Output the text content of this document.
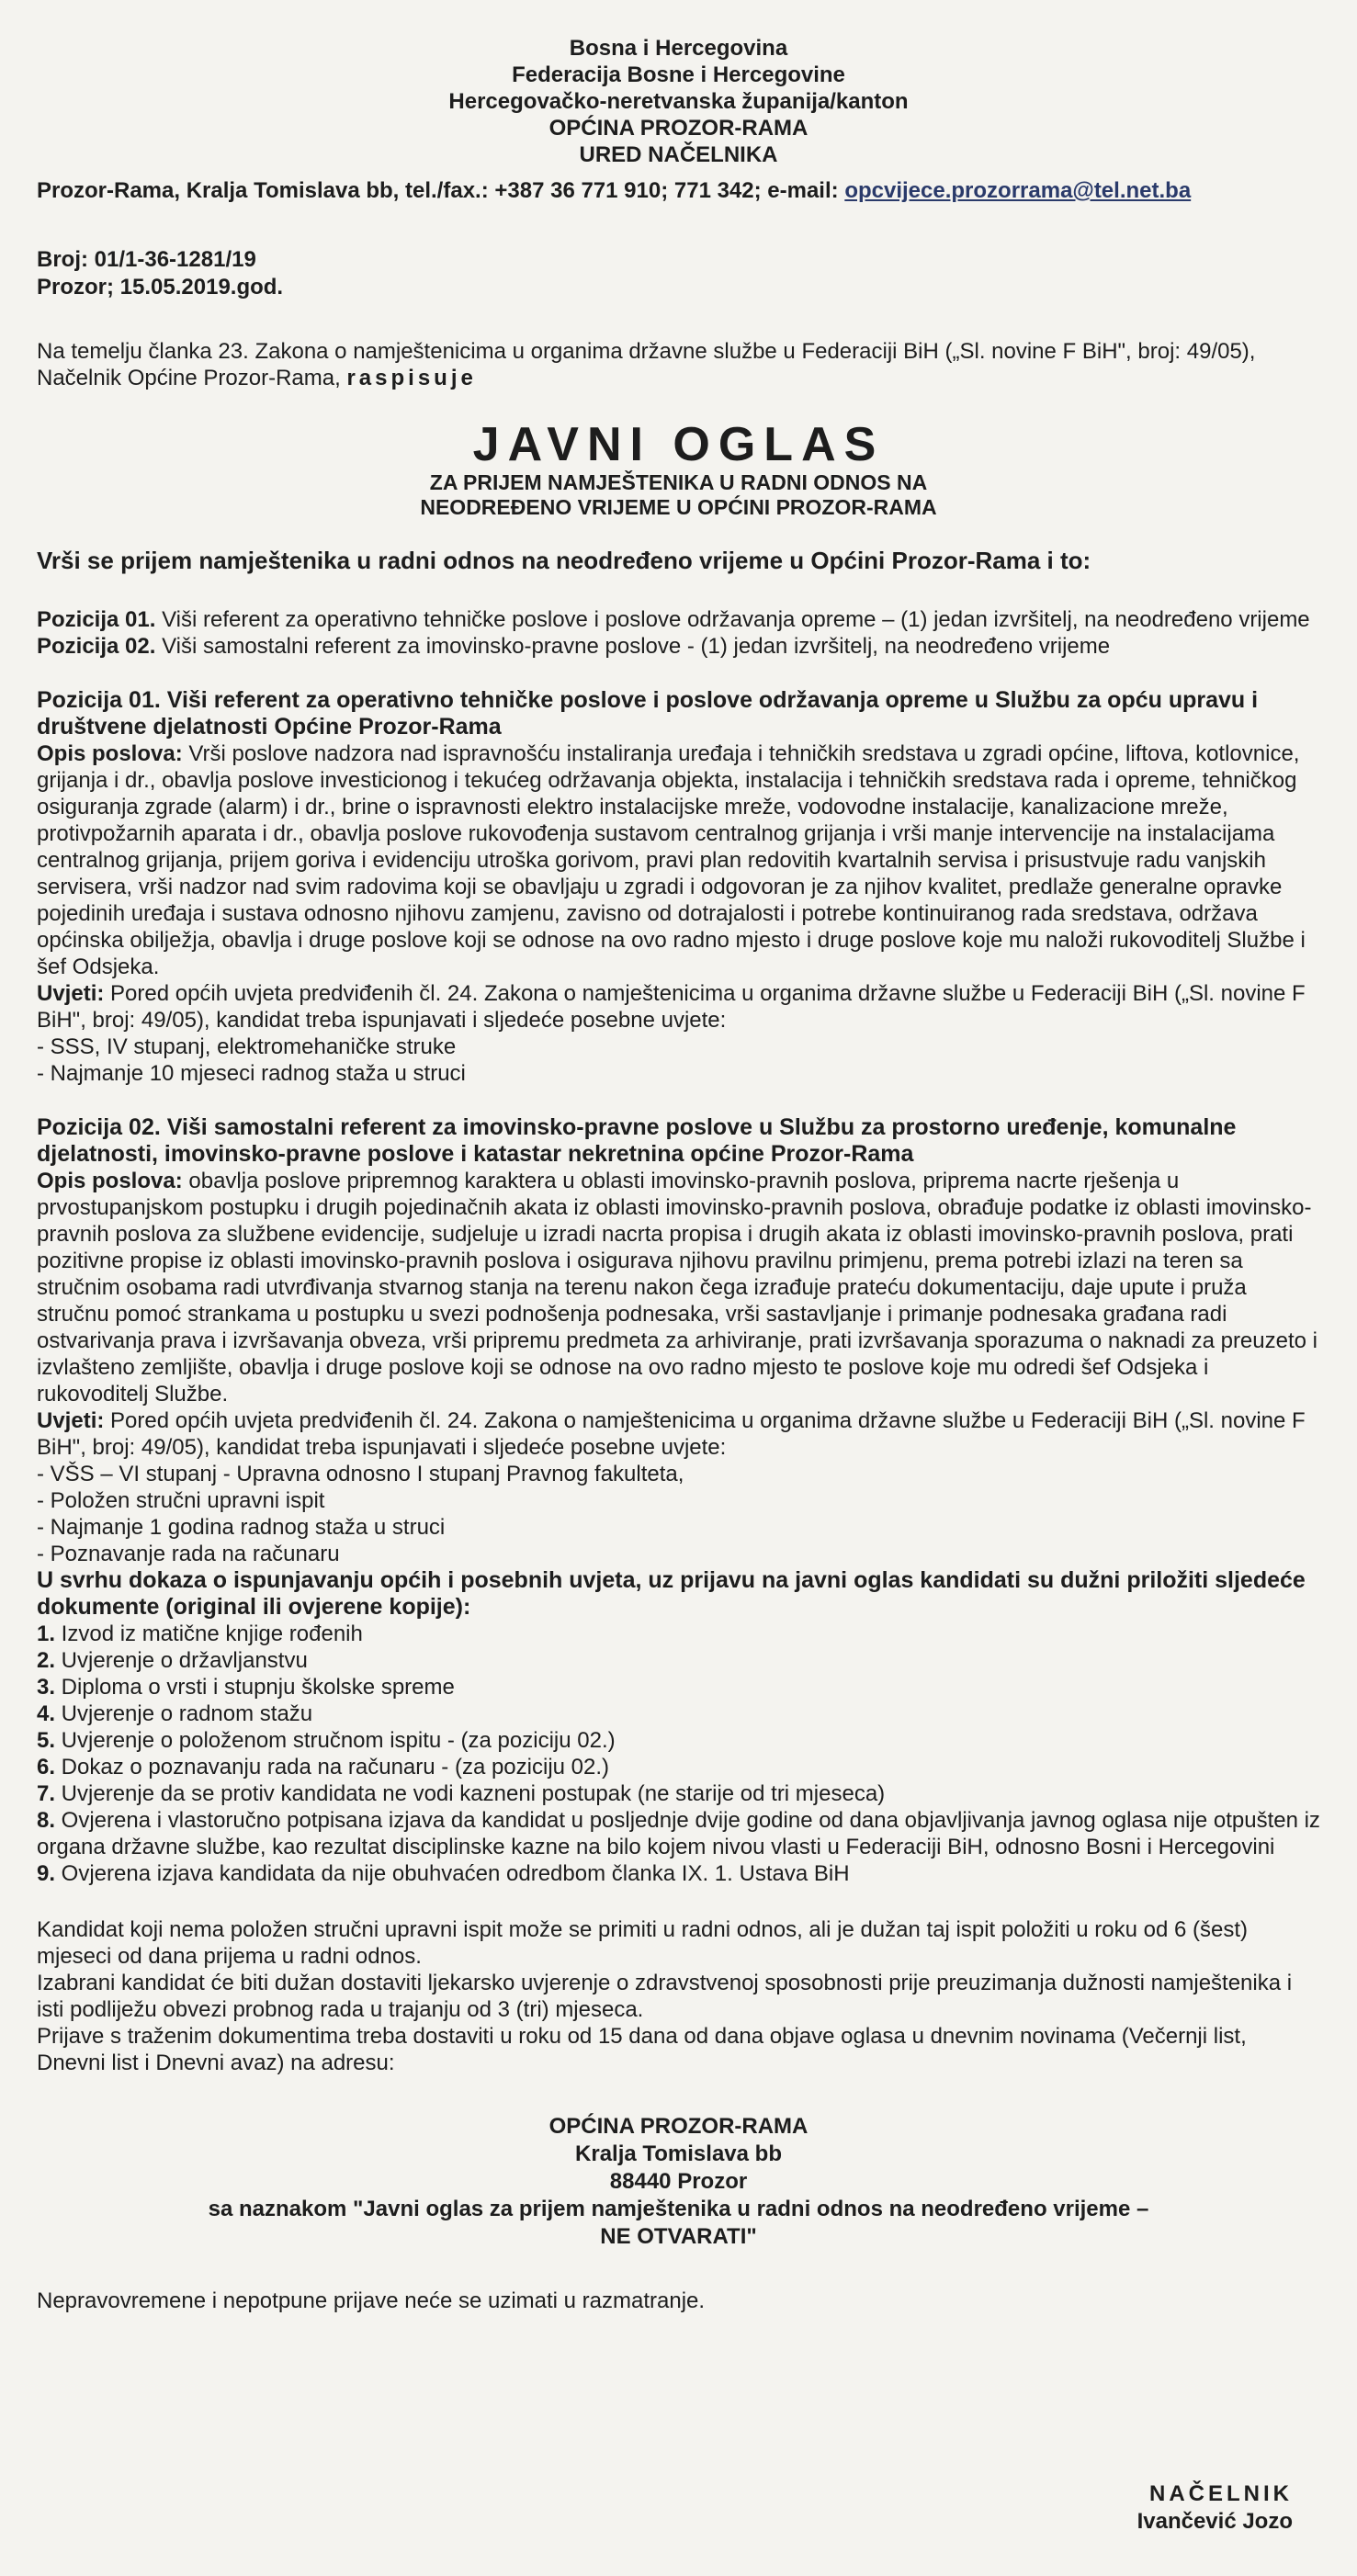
Bosna i Hercegovina
Federacija Bosne i Hercegovine
Hercegovačko-neretvanska županija/kanton
OPĆINA PROZOR-RAMA
URED NAČELNIKA
Prozor-Rama, Kralja Tomislava bb, tel./fax.: +387 36 771 910; 771 342; e-mail: opcvijece.prozorrama@tel.net.ba
Broj: 01/1-36-1281/19
Prozor; 15.05.2019.god.

Na temelju članka 23. Zakona o namještenicima u organima državne službe u Federaciji BiH („Sl. novine F BiH", broj: 49/05), Načelnik Općine Prozor-Rama, raspisuje

JAVNI OGLAS
ZA PRIJEM NAMJEŠTENIKA U RADNI ODNOS NA
NEODREĐENO VRIJEME U OPĆINI PROZOR-RAMA

Vrši se prijem namještenika u radni odnos na neodređeno vrijeme u Općini Prozor-Rama i to:

Pozicija 01. Viši referent za operativno tehničke poslove i poslove održavanja opreme – (1) jedan izvršitelj, na neodređeno vrijeme

Pozicija 02. Viši samostalni referent za imovinsko-pravne poslove - (1) jedan izvršitelj, na neodređeno vrijeme

Pozicija 01. Viši referent za operativno tehničke poslove i poslove održavanja opreme u Službu za opću upravu i društvene djelatnosti Općine Prozor-Rama

Opis poslova: Vrši poslove nadzora nad ispravnošću instaliranja uređaja i tehničkih sredstava u zgradi općine, liftova, kotlovnice, grijanja i dr., obavlja poslove investicionog i tekućeg održavanja objekta, instalacija i tehničkih sredstava rada i opreme, tehničkog osiguranja zgrade (alarm) i dr., brine o ispravnosti elektro instalacijske mreže, vodovodne instalacije, kanalizacione mreže, protivpožarnih aparata i dr., obavlja poslove rukovođenja sustavom centralnog grijanja i vrši manje intervencije na instalacijama centralnog grijanja, prijem goriva i evidenciju utroška gorivom, pravi plan redovitih kvartalnih servisa i prisustvuje radu vanjskih servisera, vrši nadzor nad svim radovima koji se obavljaju u zgradi i odgovoran je za njihov kvalitet, predlaže generalne opravke pojedinih uređaja i sustava odnosno njihovu zamjenu, zavisno od dotrajalosti i potrebe kontinuiranog rada sredstava, održava općinska obilježja, obavlja i druge poslove koji se odnose na ovo radno mjesto i druge poslove koje mu naloži rukovoditelj Službe i šef Odsjeka.

Uvjeti: Pored općih uvjeta predviđenih čl. 24. Zakona o namještenicima u organima državne službe u Federaciji BiH („Sl. novine F BiH", broj: 49/05), kandidat treba ispunjavati i sljedeće posebne uvjete:

- SSS, IV stupanj, elektromehaničke struke
- Najmanje 10 mjeseci radnog staža u struci

Pozicija 02. Viši samostalni referent za imovinsko-pravne poslove u Službu za prostorno uređenje, komunalne djelatnosti, imovinsko-pravne poslove i katastar nekretnina općine Prozor-Rama

Opis poslova: obavlja poslove pripremnog karaktera u oblasti imovinsko-pravnih poslova, priprema nacrte rješenja u prvostupanjskom postupku i drugih pojedinačnih akata iz oblasti imovinsko-pravnih poslova, obrađuje podatke iz oblasti imovinsko-pravnih poslova za službene evidencije, sudjeluje u izradi nacrta propisa i drugih akata iz oblasti imovinsko-pravnih poslova, prati pozitivne propise iz oblasti imovinsko-pravnih poslova i osigurava njihovu pravilnu primjenu, prema potrebi izlazi na teren sa stručnim osobama radi utvrđivanja stvarnog stanja na terenu nakon čega izrađuje prateću dokumentaciju, daje upute i pruža stručnu pomoć strankama u postupku u svezi podnošenja podnesaka, vrši sastavljanje i primanje podnesaka građana radi ostvarivanja prava i izvršavanja obveza, vrši pripremu predmeta za arhiviranje, prati izvršavanja sporazuma o naknadi za preuzeto i izvlašteno zemljište, obavlja i druge poslove koji se odnose na ovo radno mjesto te poslove koje mu odredi šef Odsjeka i rukovoditelj Službe.

Uvjeti: Pored općih uvjeta predviđenih čl. 24. Zakona o namještenicima u organima državne službe u Federaciji BiH („Sl. novine F BiH", broj: 49/05), kandidat treba ispunjavati i sljedeće posebne uvjete:

- VŠS – VI stupanj - Upravna odnosno I stupanj Pravnog fakulteta,
- Položen stručni upravni ispit
- Najmanje 1 godina radnog staža u struci
- Poznavanje rada na računaru

U svrhu dokaza o ispunjavanju općih i posebnih uvjeta, uz prijavu na javni oglas kandidati su dužni priložiti sljedeće dokumente (original ili ovjerene kopije):

1. Izvod iz matične knjige rođenih
2. Uvjerenje o državljanstvu
3. Diploma o vrsti i stupnju školske spreme
4. Uvjerenje o radnom stažu
5. Uvjerenje o položenom stručnom ispitu - (za poziciju 02.)
6. Dokaz o poznavanju rada na računaru - (za poziciju 02.)
7. Uvjerenje da se protiv kandidata ne vodi kazneni postupak (ne starije od tri mjeseca)
8. Ovjerena i vlastoručno potpisana izjava da kandidat u posljednje dvije godine od dana objavljivanja javnog oglasa nije otpušten iz organa državne službe, kao rezultat disciplinske kazne na bilo kojem nivou vlasti u Federaciji BiH, odnosno Bosni i Hercegovini
9. Ovjerena izjava kandidata da nije obuhvaćen odredbom članka IX. 1. Ustava BiH

Kandidat koji nema položen stručni upravni ispit može se primiti u radni odnos, ali je dužan taj ispit položiti u roku od 6 (šest) mjeseci od dana prijema u radni odnos.

Izabrani kandidat će biti dužan dostaviti ljekarsko uvjerenje o zdravstvenoj sposobnosti prije preuzimanja dužnosti namještenika i isti podliježu obvezi probnog rada u trajanju od 3 (tri) mjeseca.

Prijave s traženim dokumentima treba dostaviti u roku od 15 dana od dana objave oglasa u dnevnim novinama (Večernji list, Dnevni list i Dnevni avaz) na adresu:

OPĆINA PROZOR-RAMA
Kralja Tomislava bb
88440 Prozor
sa naznakom "Javni oglas za prijem namještenika u radni odnos na neodređeno vrijeme –
NE OTVARATI"

Nepravovremene i nepotpune prijave neće se uzimati u razmatranje.

NAČELNIK
Ivančević Jozo
